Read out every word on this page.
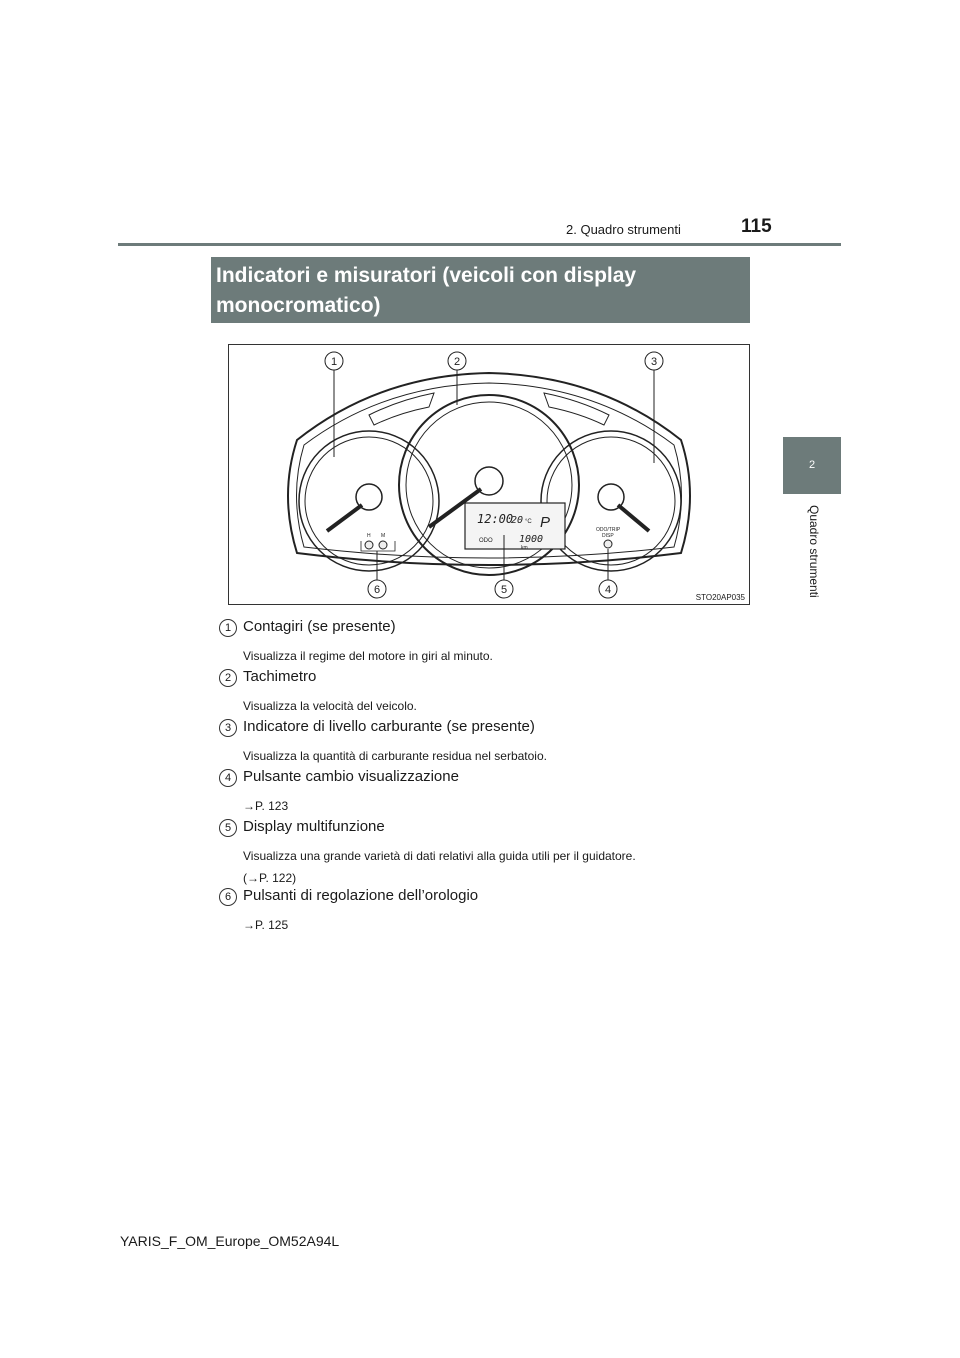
2. Quadro strumenti	115
2
Quadro strumenti
Indicatori e misuratori (veicoli con display
monocromatico)
12:00
20 °C P
ODO	1000
km
H M
ODO/TRIP
DISP
1	2	3
4
5
6
STO20AP035
1 Contagiri (se presente)
Visualizza il regime del motore in giri al minuto.
2 Tachimetro
Visualizza la velocità del veicolo.
3 Indicatore di livello carburante (se presente)
Visualizza la quantità di carburante residua nel serbatoio.
4 Pulsante cambio visualizzazione
→P. 123
5 Display multifunzione
Visualizza una grande varietà di dati relativi alla guida utili per il guidatore.
(→P. 122)
6 Pulsanti di regolazione dell’orologio
→P. 125
YARIS_F_OM_Europe_OM52A94L
